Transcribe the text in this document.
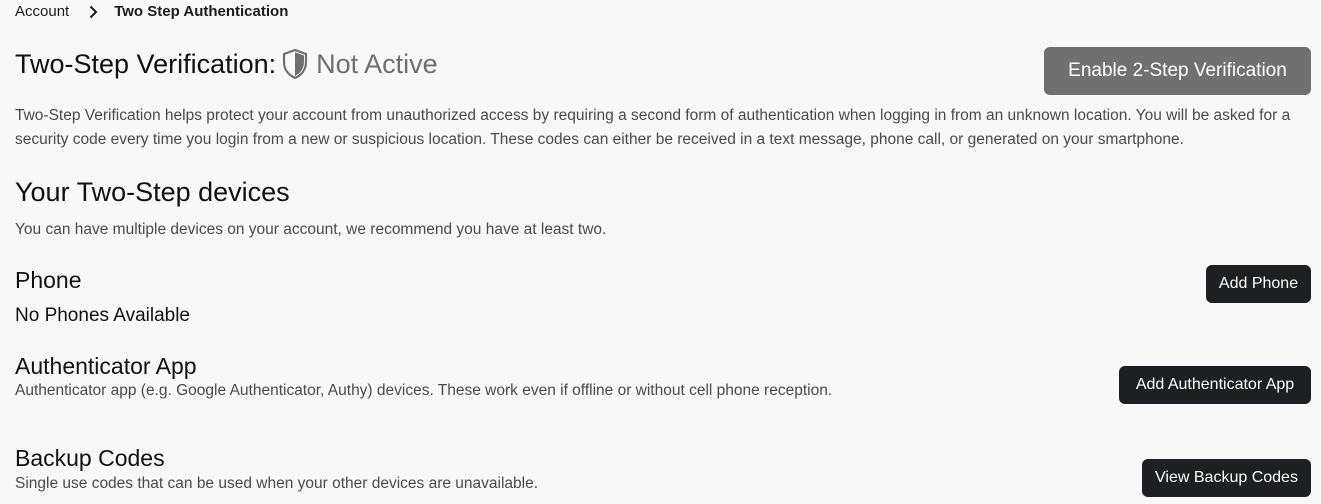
Account	Two Step Authentication
Two-Step Verification: Not Active	Enable 2-Step Verification

Two-Step Verification helps protect your account from unauthorized access by requiring a second form of authentication when logging in from an unknown location. You will be asked for a security code every time you login from a new or suspicious location. These codes can either be received in a text message, phone call, or generated on your smartphone.

Your Two-Step devices

You can have multiple devices on your account, we recommend you have at least two.

Phone	Add Phone
No Phones Available
Authenticator App

Authenticator app (e.g. Google Authenticator, Authy) devices. These work even if offline or without cell phone reception.	Add Authenticator App
Backup Codes

Single use codes that can be used when your other devices are unavailable.	View Backup Codes
